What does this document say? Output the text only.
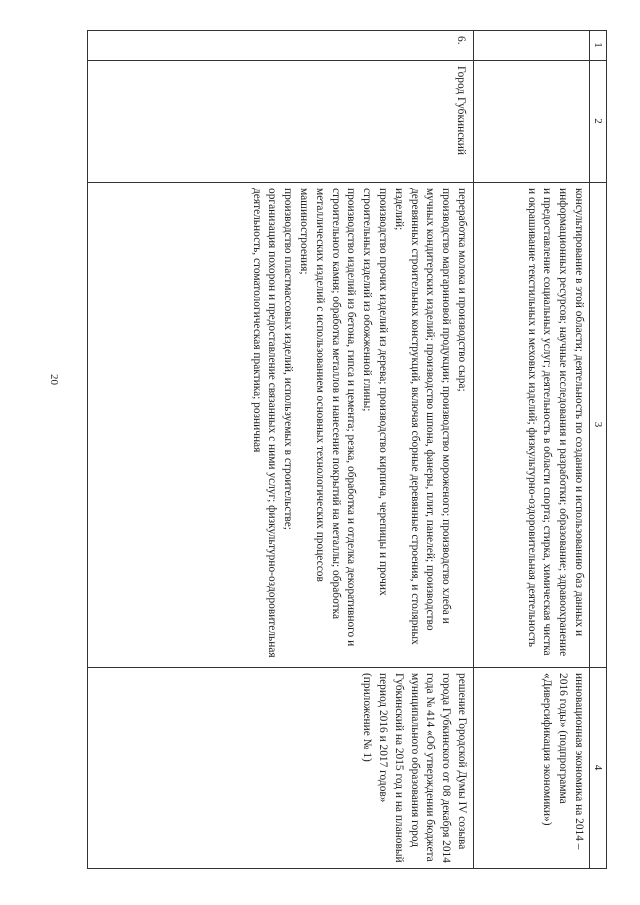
20
1
2
3
4
консультирование в этой области; деятельность по созданию и использованию баз данных и информационных ресурсов; научные исследования и разработки; образование; здравоохранение и предоставление социальных услуг; деятельность в области спорта; стирка, химическая чистка и окрашивание текстильных и меховых изделий; физкультурно-оздоровительная деятельность
инновационная экономика на 2014 – 2016 годы» (подпрограмма «Диверсификация экономики»)
6.
Город Губкинский

переработка молока и производство сыра;

производство маргариновой продукции; производство мороженого; производство хлеба и мучных кондитерских изделий; производство шпона, фанеры, плит, панелей; производство деревянных строительных конструкций, включая сборные деревянные строения, и столярных изделий;

производство прочих изделий из дерева; производство кирпича, черепицы и прочих строительных изделий из обожженной глины;

производство изделий из бетона, гипса и цемента; резка, обработка и отделка декоративного и строительного камня; обработка металлов и нанесение покрытий на металлы; обработка металлических изделий с использованием основных технологических процессов машиностроения;

производство пластмассовых изделий, используемых в строительстве;

организация похорон и предоставление связанных с ними услуг; физкультурно-оздоровительная деятельность, стоматологическая практика; розничная

решение Городской Думы IV созыва города Губкинского от 08 декабря 2014 года № 414 «Об утверждении бюджета муниципального образования город Губкинский на 2015 год и на плановый период 2016 и 2017 годов» (приложение № 1)
